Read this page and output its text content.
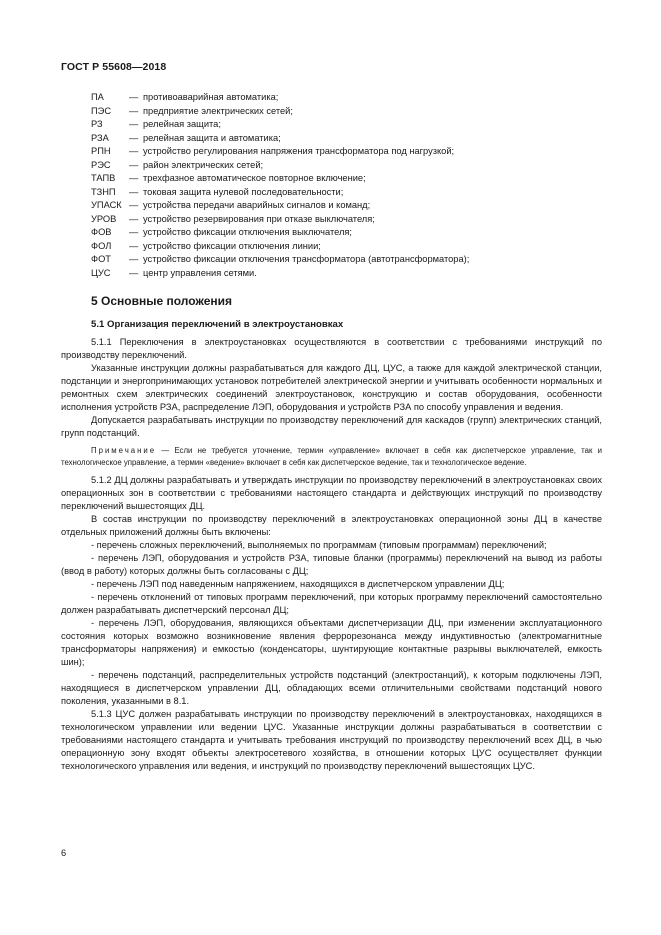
ГОСТ Р 55608—2018
ПА	— противоаварийная автоматика;
ПЭС	— предприятие электрических сетей;
РЗ	— релейная защита;
РЗА	— релейная защита и автоматика;
РПН	— устройство регулирования напряжения трансформатора под нагрузкой;
РЭС	— район электрических сетей;
ТАПВ	— трехфазное автоматическое повторное включение;
ТЗНП	— токовая защита нулевой последовательности;
УПАСК — устройства передачи аварийных сигналов и команд;
УРОВ	— устройство резервирования при отказе выключателя;
ФОВ	— устройство фиксации отключения выключателя;
ФОЛ	— устройство фиксации отключения линии;
ФОТ	— устройство фиксации отключения трансформатора (автотрансформатора);
ЦУС	— центр управления сетями.
5 Основные положения
5.1 Организация переключений в электроустановках

5.1.1 Переключения в электроустановках осуществляются в соответствии с требованиями инструкций по производству переключений.

Указанные инструкции должны разрабатываться для каждого ДЦ, ЦУС, а также для каждой электрической станции, подстанции и энергопринимающих установок потребителей электрической энергии и учитывать особенности нормальных и ремонтных схем электрических соединений электроустановок, конструкцию и состав оборудования, особенности исполнения устройств РЗА, распределение ЛЭП, оборудования и устройств РЗА по способу управления и ведения.

Допускается разрабатывать инструкции по производству переключений для каскадов (групп) электрических станций, групп подстанций.

Примечание — Если не требуется уточнение, термин «управление» включает в себя как диспетчерское управление, так и технологическое управление, а термин «ведение» включает в себя как диспетчерское ведение, так и технологическое ведение.

5.1.2 ДЦ должны разрабатывать и утверждать инструкции по производству переключений в электроустановках своих операционных зон в соответствии с требованиями настоящего стандарта и действующих инструкций по производству переключений вышестоящих ДЦ.

В состав инструкции по производству переключений в электроустановках операционной зоны ДЦ в качестве отдельных приложений должны быть включены:

- перечень сложных переключений, выполняемых по программам (типовым программам) переключений;

- перечень ЛЭП, оборудования и устройств РЗА, типовые бланки (программы) переключений на вывод из работы (ввод в работу) которых должны быть согласованы с ДЦ;

- перечень ЛЭП под наведенным напряжением, находящихся в диспетчерском управлении ДЦ;

- перечень отклонений от типовых программ переключений, при которых программу переключений самостоятельно должен разрабатывать диспетчерский персонал ДЦ;

- перечень ЛЭП, оборудования, являющихся объектами диспетчеризации ДЦ, при изменении эксплуатационного состояния которых возможно возникновение явления феррорезонанса между индуктивностью (электромагнитные трансформаторы напряжения) и емкостью (конденсаторы, шунтирующие контактные разрывы выключателей, емкость шин);

- перечень подстанций, распределительных устройств подстанций (электростанций), к которым подключены ЛЭП, находящиеся в диспетчерском управлении ДЦ, обладающих всеми отличительными свойствами подстанций нового поколения, указанными в 8.1.

5.1.3 ЦУС должен разрабатывать инструкции по производству переключений в электроустановках, находящихся в технологическом управлении или ведении ЦУС. Указанные инструкции должны разрабатываться в соответствии с требованиями настоящего стандарта и учитывать требования инструкций по производству переключений всех ДЦ, в чью операционную зону входят объекты электросетевого хозяйства, в отношении которых ЦУС осуществляет функции технологического управления или ведения, и инструкций по производству переключений вышестоящих ЦУС.

6
